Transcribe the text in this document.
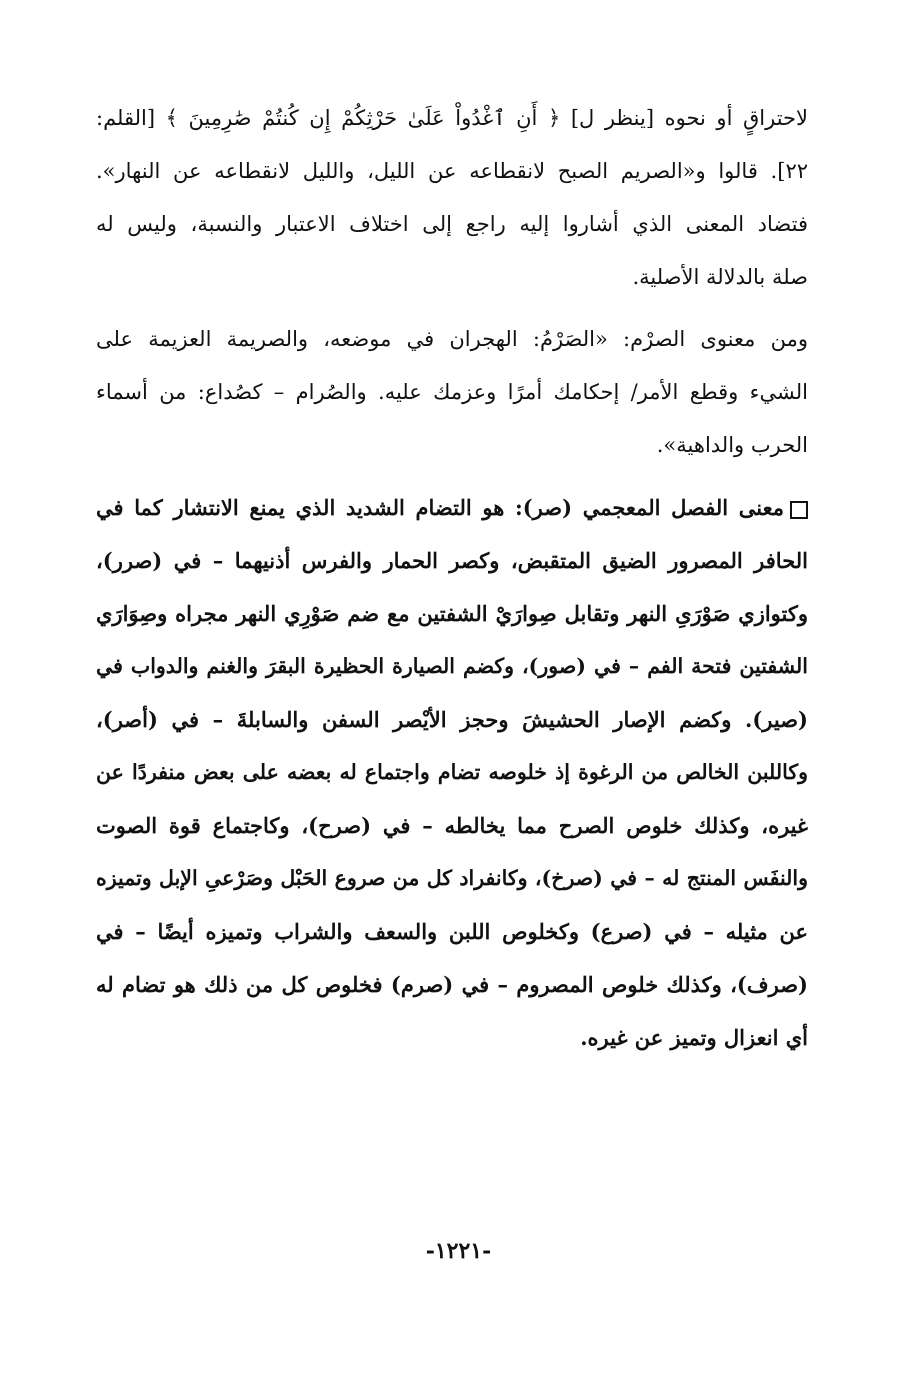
لاحتراقٍ أو نحوه [ينظر ل] ﴿ أَنِ ٱغْدُواْ عَلَىٰ حَرْثِكُمْ إِن كُنتُمْ صَٰرِمِينَ ﴾ [القلم:
٢٢]. قالوا و«الصريم الصبح لانقطاعه عن الليل، والليل لانقطاعه عن النهار».
فتضاد المعنى الذي أشاروا إليه راجع إلى اختلاف الاعتبار والنسبة، وليس له
صلة بالدلالة الأصلية.

ومن معنوى الصرْم: «الصَرْمُ: الهجران في موضعه، والصريمة العزيمة على
الشيء وقطع الأمر/ إحكامك أمرًا وعزمك عليه. والصُرام – كصُداع: من أسماء
الحرب والداهية».

معنى الفصل المعجمي (صر): هو التضام الشديد الذي يمنع الانتشار كما في
الحافر المصرور الضيق المتقبض، وكصر الحمار والفرس أذنيهما – في (صرر)،
وكتوازي صَوْرَىِ النهر وتقابل صِوارَيْ الشفتين مع ضم صَوْرِي النهر مجراه وصِوَارَي
الشفتين فتحة الفم – في (صور)، وكضم الصيارة الحظيرة البقرَ والغنم والدواب في
(صير). وكضم الإصار الحشيشَ وحجز الأيْصر السفن والسابلةَ – في (أصر)،
وكاللبن الخالص من الرغوة إذ خلوصه تضام واجتماع له بعضه على بعض منفردًا عن
غيره، وكذلك خلوص الصرح مما يخالطه – في (صرح)، وكاجتماع قوة الصوت
والنفَس المنتج له – في (صرخ)، وكانفراد كل من صروع الحَبْل وصَرْعىِ الإبل وتميزه
عن مثيله – في (صرع) وكخلوص اللبن والسعف والشراب وتميزه أيضًا – في
(صرف)، وكذلك خلوص المصروم – في (صرم) فخلوص كل من ذلك هو تضام له
أي انعزال وتميز عن غيره.

-١٢٢١-
